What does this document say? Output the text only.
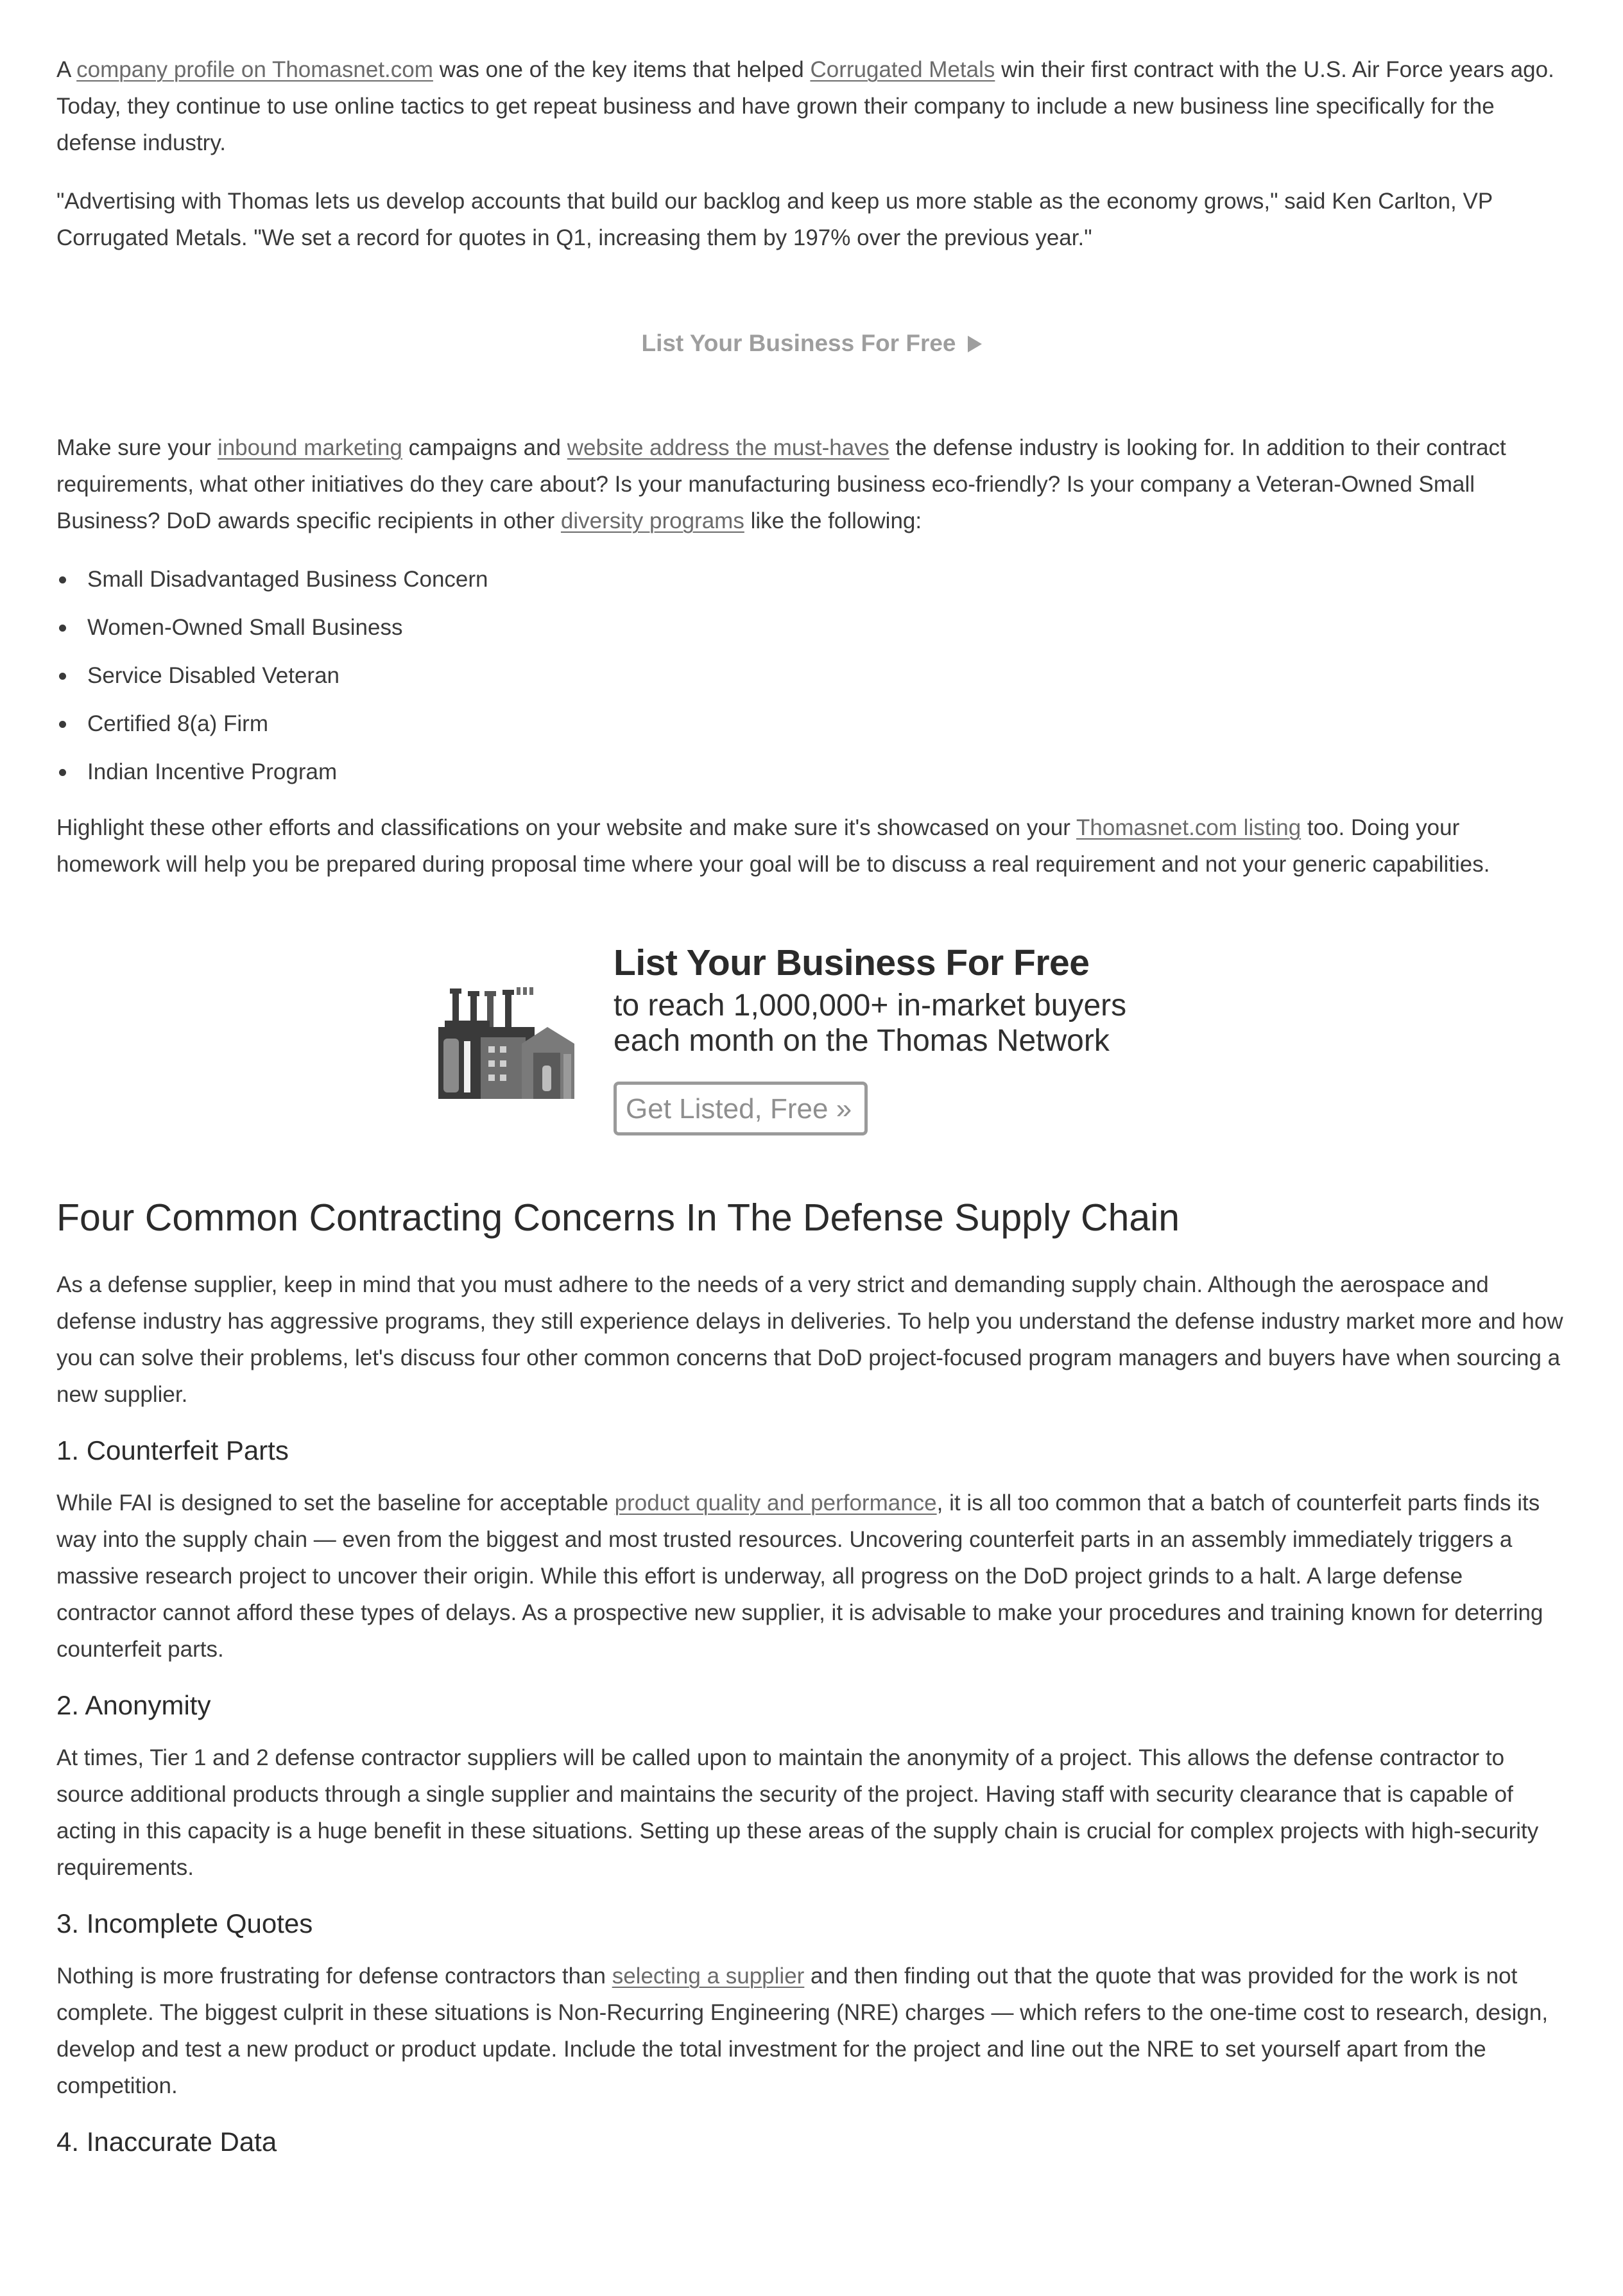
A company profile on Thomasnet.com was one of the key items that helped Corrugated Metals win their first contract with the U.S. Air Force years ago. Today, they continue to use online tactics to get repeat business and have grown their company to include a new business line specifically for the defense industry.

"Advertising with Thomas lets us develop accounts that build our backlog and keep us more stable as the economy grows," said Ken Carlton, VP Corrugated Metals. "We set a record for quotes in Q1, increasing them by 197% over the previous year."

List Your Business For Free

Make sure your inbound marketing campaigns and website address the must-haves the defense industry is looking for. In addition to their contract requirements, what other initiatives do they care about? Is your manufacturing business eco-friendly? Is your company a Veteran-Owned Small Business? DoD awards specific recipients in other diversity programs like the following:

Small Disadvantaged Business Concern
Women-Owned Small Business
Service Disabled Veteran
Certified 8(a) Firm
Indian Incentive Program

Highlight these other efforts and classifications on your website and make sure it's showcased on your Thomasnet.com listing too. Doing your homework will help you be prepared during proposal time where your goal will be to discuss a real requirement and not your generic capabilities.

List Your Business For Free
to reach 1,000,000+ in-market buyers
each month on the Thomas Network
Get Listed, Free »
Four Common Contracting Concerns In The Defense Supply Chain

As a defense supplier, keep in mind that you must adhere to the needs of a very strict and demanding supply chain. Although the aerospace and defense industry has aggressive programs, they still experience delays in deliveries. To help you understand the defense industry market more and how you can solve their problems, let's discuss four other common concerns that DoD project-focused program managers and buyers have when sourcing a new supplier.

1. Counterfeit Parts

While FAI is designed to set the baseline for acceptable product quality and performance, it is all too common that a batch of counterfeit parts finds its way into the supply chain — even from the biggest and most trusted resources. Uncovering counterfeit parts in an assembly immediately triggers a massive research project to uncover their origin. While this effort is underway, all progress on the DoD project grinds to a halt. A large defense contractor cannot afford these types of delays. As a prospective new supplier, it is advisable to make your procedures and training known for deterring counterfeit parts.

2. Anonymity

At times, Tier 1 and 2 defense contractor suppliers will be called upon to maintain the anonymity of a project. This allows the defense contractor to source additional products through a single supplier and maintains the security of the project. Having staff with security clearance that is capable of acting in this capacity is a huge benefit in these situations. Setting up these areas of the supply chain is crucial for complex projects with high-security requirements.

3. Incomplete Quotes

Nothing is more frustrating for defense contractors than selecting a supplier and then finding out that the quote that was provided for the work is not complete. The biggest culprit in these situations is Non-Recurring Engineering (NRE) charges — which refers to the one-time cost to research, design, develop and test a new product or product update. Include the total investment for the project and line out the NRE to set yourself apart from the competition.

4. Inaccurate Data
